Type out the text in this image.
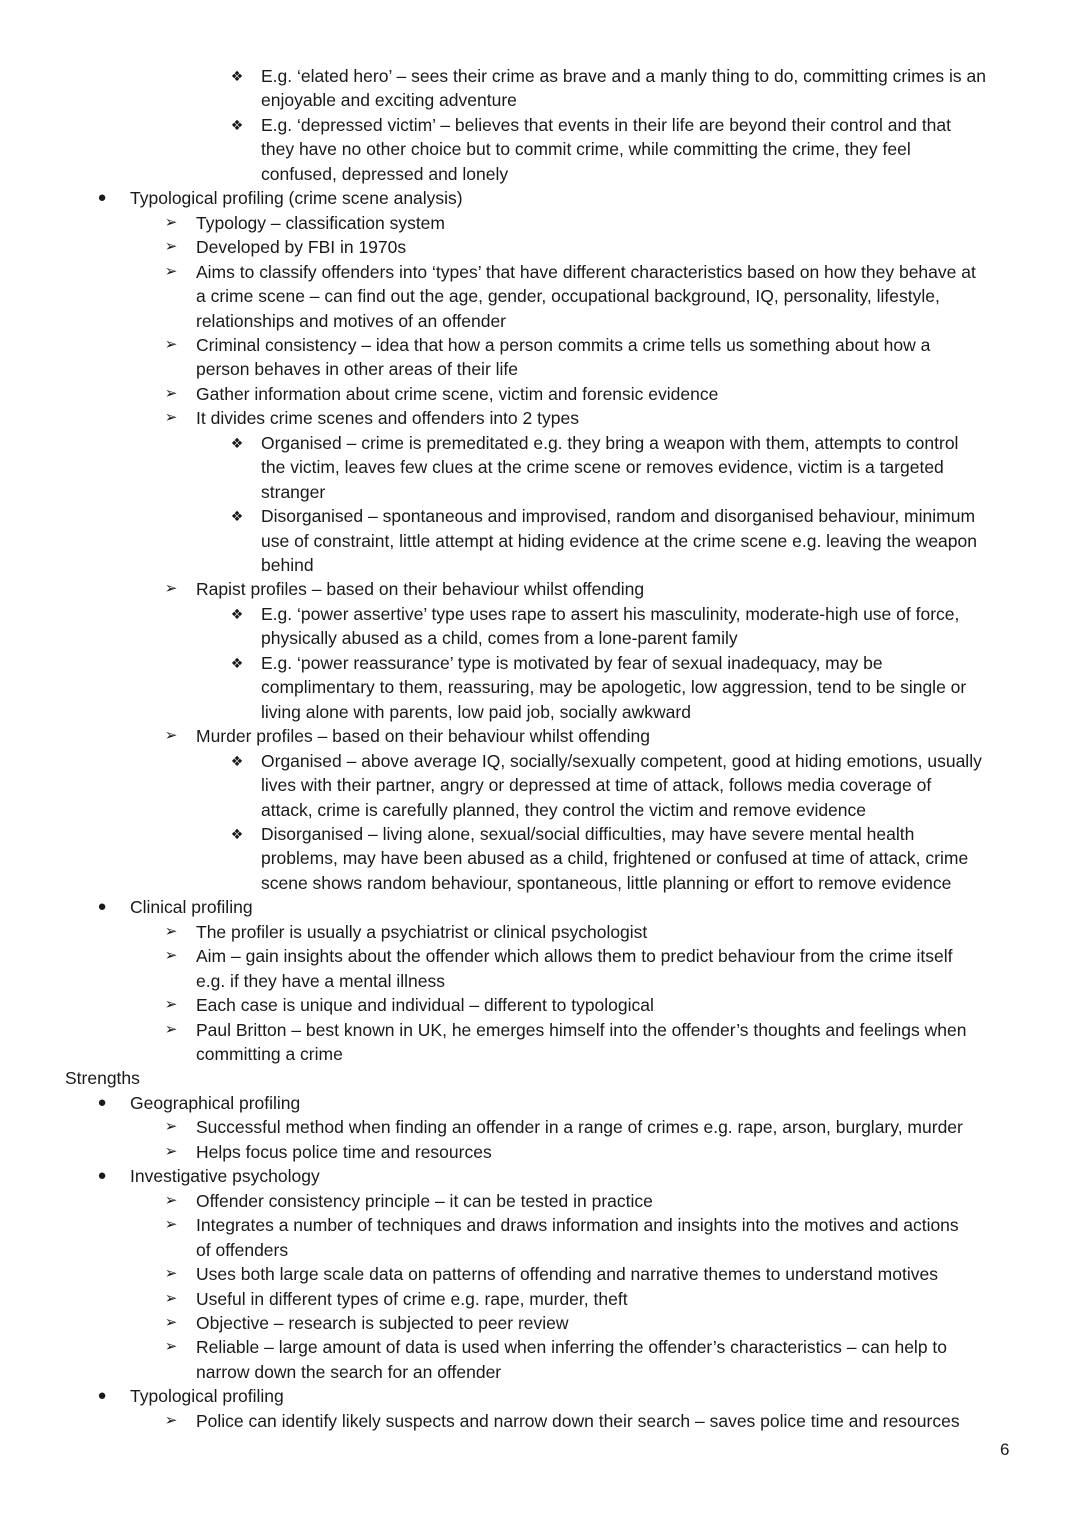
❖ E.g. ‘elated hero’ – sees their crime as brave and a manly thing to do, committing crimes is an
enjoyable and exciting adventure
❖ E.g. ‘depressed victim’ – believes that events in their life are beyond their control and that
they have no other choice but to commit crime, while committing the crime, they feel
confused, depressed and lonely
●	Typological profiling (crime scene analysis)
➢ Typology – classification system
➢ Developed by FBI in 1970s
➢ Aims to classify offenders into ‘types’ that have different characteristics based on how they behave at
a crime scene – can find out the age, gender, occupational background, IQ, personality, lifestyle,
relationships and motives of an offender
➢ Criminal consistency – idea that how a person commits a crime tells us something about how a
person behaves in other areas of their life
➢ Gather information about crime scene, victim and forensic evidence
➢ It divides crime scenes and offenders into 2 types
❖ Organised – crime is premeditated e.g. they bring a weapon with them, attempts to control
the victim, leaves few clues at the crime scene or removes evidence, victim is a targeted
stranger
❖ Disorganised – spontaneous and improvised, random and disorganised behaviour, minimum
use of constraint, little attempt at hiding evidence at the crime scene e.g. leaving the weapon
behind
➢ Rapist profiles – based on their behaviour whilst offending
❖ E.g. ‘power assertive’ type uses rape to assert his masculinity, moderate-high use of force,
physically abused as a child, comes from a lone-parent family
❖ E.g. ‘power reassurance’ type is motivated by fear of sexual inadequacy, may be
complimentary to them, reassuring, may be apologetic, low aggression, tend to be single or
living alone with parents, low paid job, socially awkward
➢ Murder profiles – based on their behaviour whilst offending
❖ Organised – above average IQ, socially/sexually competent, good at hiding emotions, usually
lives with their partner, angry or depressed at time of attack, follows media coverage of
attack, crime is carefully planned, they control the victim and remove evidence
❖ Disorganised – living alone, sexual/social difficulties, may have severe mental health
problems, may have been abused as a child, frightened or confused at time of attack, crime
scene shows random behaviour, spontaneous, little planning or effort to remove evidence
●	Clinical profiling
➢ The profiler is usually a psychiatrist or clinical psychologist
➢ Aim – gain insights about the offender which allows them to predict behaviour from the crime itself
e.g. if they have a mental illness
➢ Each case is unique and individual – different to typological
➢ Paul Britton – best known in UK, he emerges himself into the offender’s thoughts and feelings when
committing a crime
Strengths
●	Geographical profiling
➢ Successful method when finding an offender in a range of crimes e.g. rape, arson, burglary, murder
➢ Helps focus police time and resources
●	Investigative psychology
➢ Offender consistency principle – it can be tested in practice
➢ Integrates a number of techniques and draws information and insights into the motives and actions
of offenders
➢ Uses both large scale data on patterns of offending and narrative themes to understand motives
➢ Useful in different types of crime e.g. rape, murder, theft
➢ Objective – research is subjected to peer review
➢ Reliable – large amount of data is used when inferring the offender’s characteristics – can help to
narrow down the search for an offender
●	Typological profiling
➢ Police can identify likely suspects and narrow down their search – saves police time and resources
6
